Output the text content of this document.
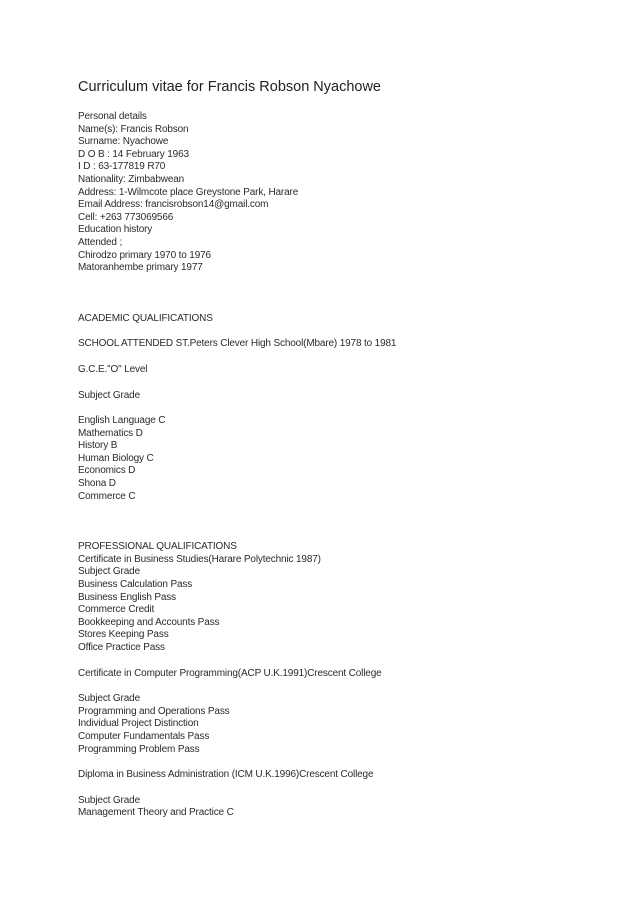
Curriculum vitae for Francis Robson Nyachowe
Personal details
Name(s): Francis Robson
Surname: Nyachowe
D O B : 14 February 1963
I D : 63-177819 R70
Nationality: Zimbabwean
Address: 1-Wilmcote place Greystone Park, Harare
Email Address: francisrobson14@gmail.com
Cell: +263 773069566
Education history
Attended ;
Chirodzo primary 1970 to 1976
Matoranhembe primary 1977
ACADEMIC QUALIFICATIONS
SCHOOL ATTENDED ST.Peters Clever High School(Mbare) 1978 to 1981
G.C.E."O" Level
Subject Grade
English Language C
Mathematics D
History B
Human Biology C
Economics D
Shona D
Commerce C
PROFESSIONAL QUALIFICATIONS
Certificate in Business Studies(Harare Polytechnic 1987)
Subject Grade
Business Calculation Pass
Business English Pass
Commerce Credit
Bookkeeping and Accounts Pass
Stores Keeping Pass
Office Practice Pass
Certificate in Computer Programming(ACP U.K.1991)Crescent College
Subject Grade
Programming and Operations Pass
Individual Project Distinction
Computer Fundamentals Pass
Programming Problem Pass
Diploma in Business Administration (ICM U.K.1996)Crescent College
Subject Grade
Management Theory and Practice C
